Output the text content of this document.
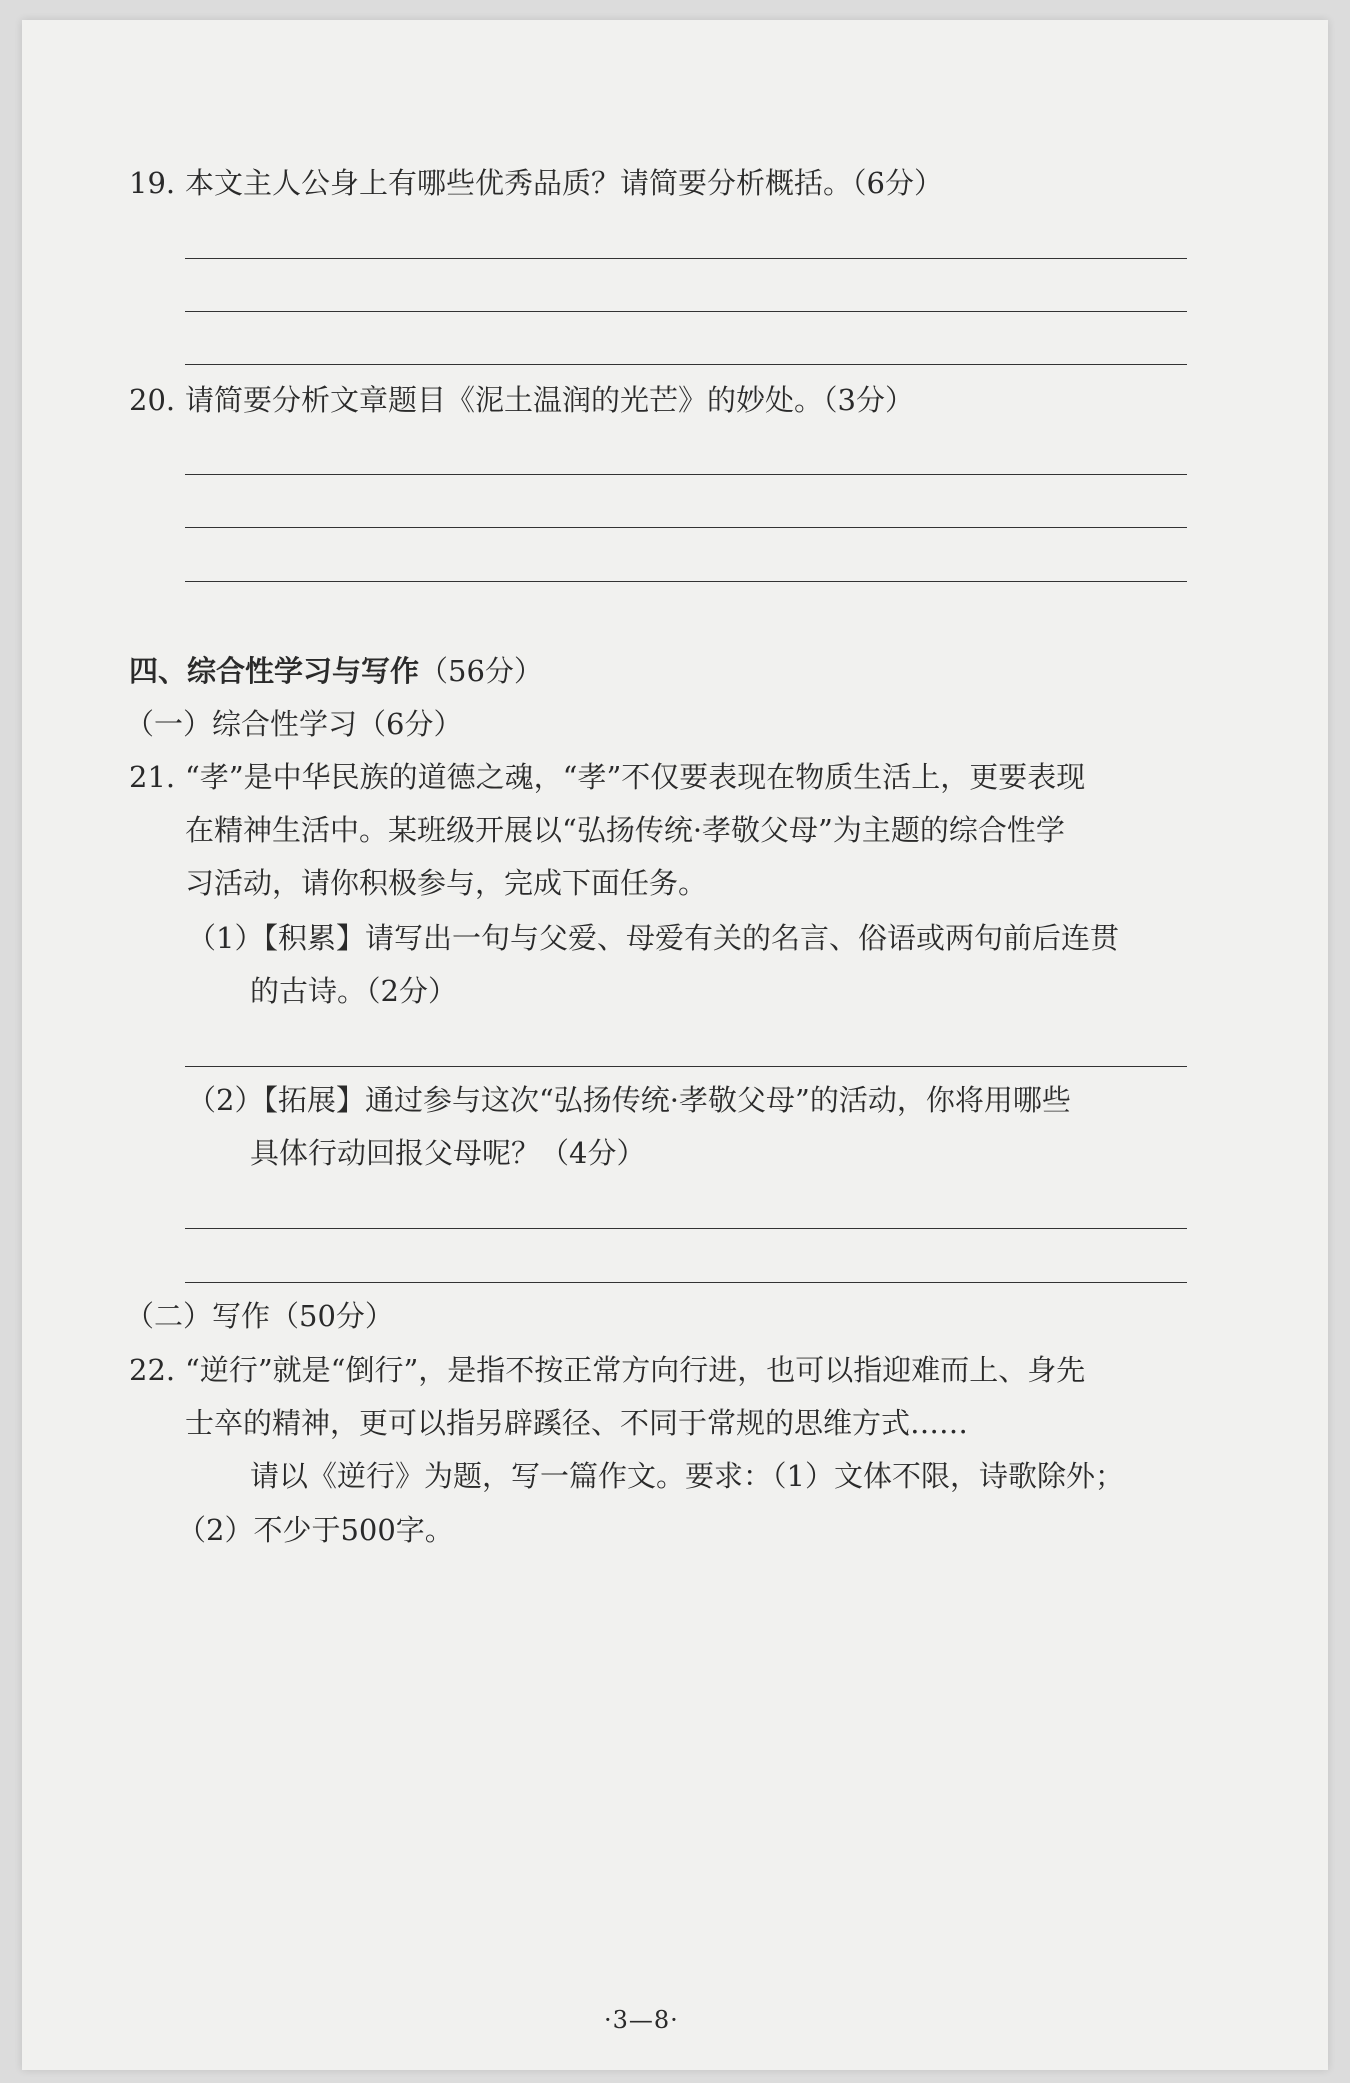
19. 本文主人公身上有哪些优秀品质？请简要分析概括。（6分）
20. 请简要分析文章题目《泥土温润的光芒》的妙处。（3分）
四、综合性学习与写作（56分）
（一）综合性学习（6分）
21. “孝”是中华民族的道德之魂，“孝”不仅要表现在物质生活上，更要表现
在精神生活中。某班级开展以“弘扬传统·孝敬父母”为主题的综合性学
习活动，请你积极参与，完成下面任务。
（1）【积累】请写出一句与父爱、母爱有关的名言、俗语或两句前后连贯
的古诗。（2分）
（2）【拓展】通过参与这次“弘扬传统·孝敬父母”的活动，你将用哪些
具体行动回报父母呢？（4分）
（二）写作（50分）
22. “逆行”就是“倒行”，是指不按正常方向行进，也可以指迎难而上、身先
士卒的精神，更可以指另辟蹊径、不同于常规的思维方式……
请以《逆行》为题，写一篇作文。要求：（1）文体不限，诗歌除外；
（2）不少于500字。
·3—8·
